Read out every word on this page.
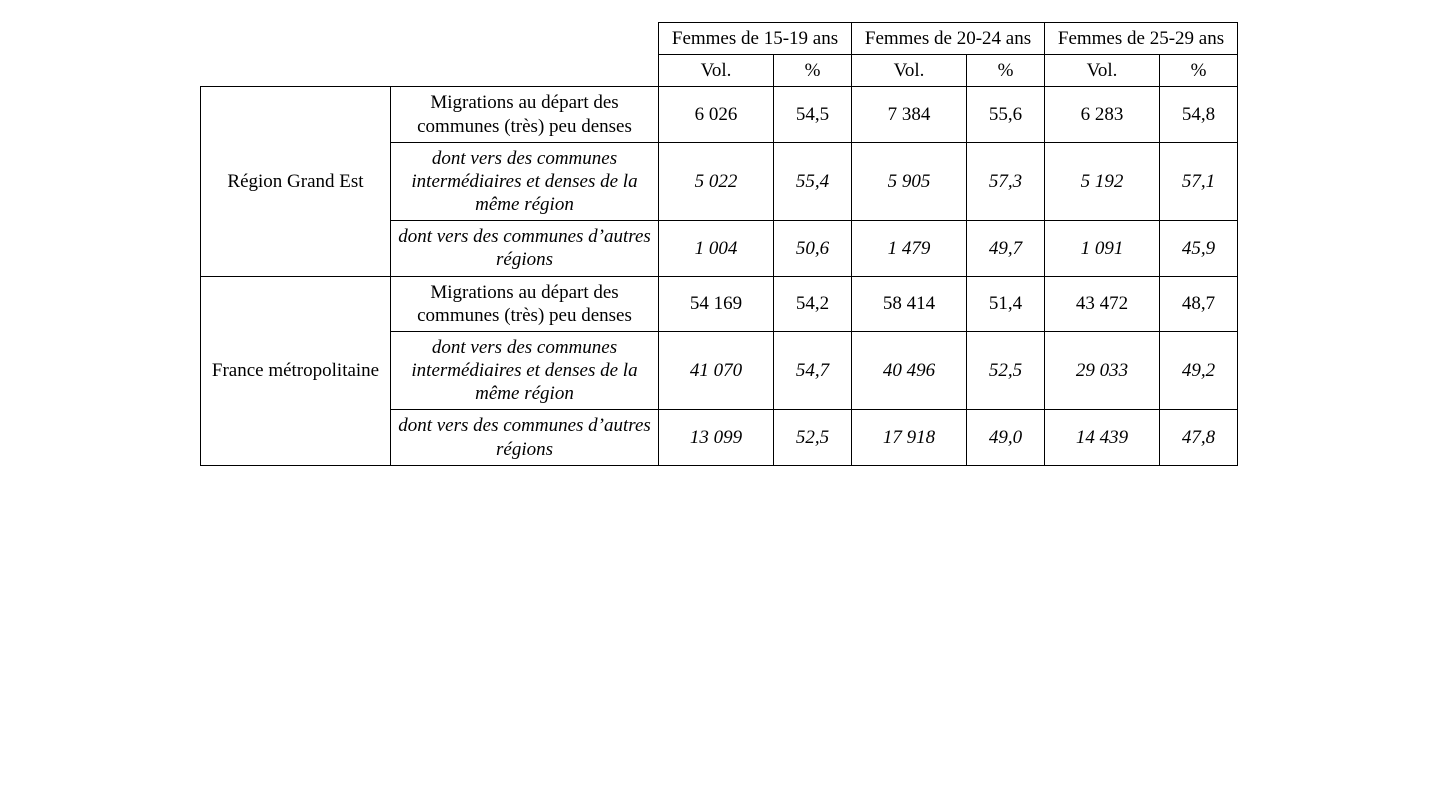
		Femmes de 15-19 ans		Femmes de 20-24 ans		Femmes de 25-29 ans	
		Vol.	%	Vol.	%	Vol.	%
Région Grand Est	Migrations au départ des communes (très) peu denses	6 026	54,5	7 384	55,6	6 283	54,8
	dont vers des communes intermédiaires et denses de la même région	5 022	55,4	5 905	57,3	5 192	57,1
	dont vers des communes d’autres régions	1 004	50,6	1 479	49,7	1 091	45,9
France métropolitaine	Migrations au départ des communes (très) peu denses	54 169	54,2	58 414	51,4	43 472	48,7
	dont vers des communes intermédiaires et denses de la même région	41 070	54,7	40 496	52,5	29 033	49,2
	dont vers des communes d’autres régions	13 099	52,5	17 918	49,0	14 439	47,8
